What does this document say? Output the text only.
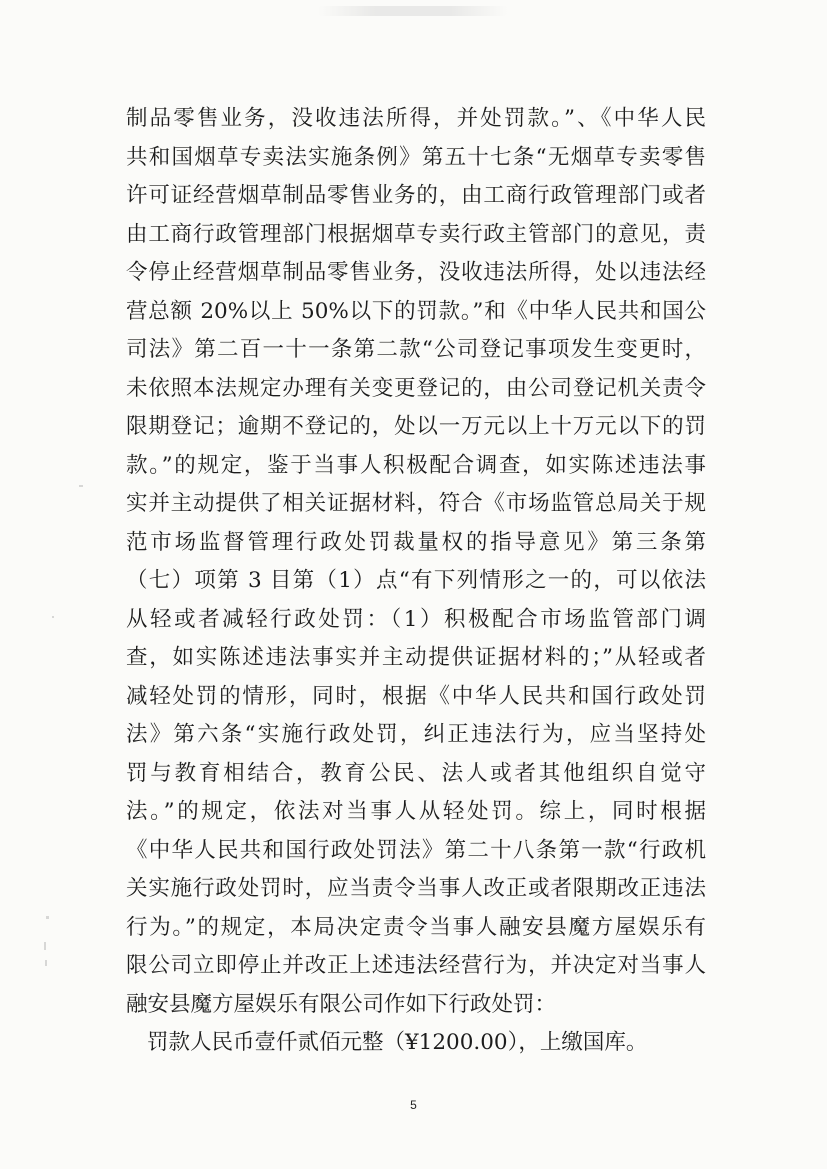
制品零售业务，没收违法所得，并处罚款。”、《中华人民
共和国烟草专卖法实施条例》第五十七条“无烟草专卖零售
许可证经营烟草制品零售业务的，由工商行政管理部门或者
由工商行政管理部门根据烟草专卖行政主管部门的意见，责
令停止经营烟草制品零售业务，没收违法所得，处以违法经
营总额 20%以上 50%以下的罚款。”和《中华人民共和国公
司法》第二百一十一条第二款“公司登记事项发生变更时，
未依照本法规定办理有关变更登记的，由公司登记机关责令
限期登记；逾期不登记的，处以一万元以上十万元以下的罚
款。”的规定，鉴于当事人积极配合调查，如实陈述违法事
实并主动提供了相关证据材料，符合《市场监管总局关于规
范市场监督管理行政处罚裁量权的指导意见》第三条第
（七）项第 3 目第（1）点“有下列情形之一的，可以依法
从轻或者减轻行政处罚：（1）积极配合市场监管部门调
查，如实陈述违法事实并主动提供证据材料的；”从轻或者
减轻处罚的情形，同时，根据《中华人民共和国行政处罚
法》第六条“实施行政处罚，纠正违法行为，应当坚持处
罚与教育相结合，教育公民、法人或者其他组织自觉守
法。”的规定，依法对当事人从轻处罚。综上，同时根据
《中华人民共和国行政处罚法》第二十八条第一款“行政机
关实施行政处罚时，应当责令当事人改正或者限期改正违法
行为。”的规定，本局决定责令当事人融安县魔方屋娱乐有
限公司立即停止并改正上述违法经营行为，并决定对当事人
融安县魔方屋娱乐有限公司作如下行政处罚：
罚款人民币壹仟贰佰元整（¥1200.00），上缴国库。
5
